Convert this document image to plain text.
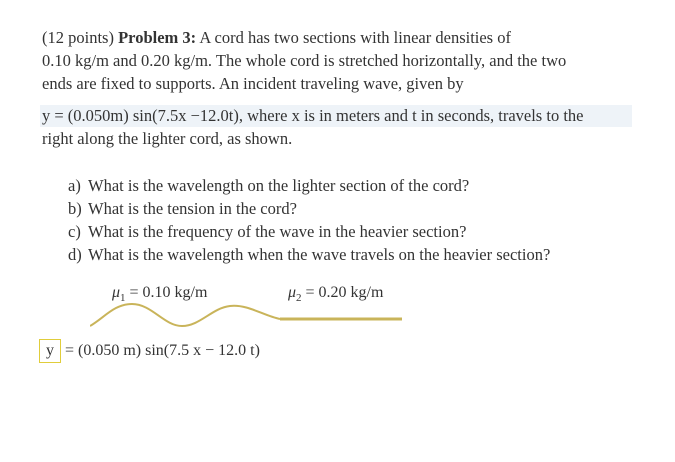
(12 points) Problem 3: A cord has two sections with linear densities of
0.10 kg/m and 0.20 kg/m. The whole cord is stretched horizontally, and the two
ends are fixed to supports. An incident traveling wave, given by
y = (0.050m) sin(7.5x −12.0t), where x is in meters and t in seconds, travels to the
right along the lighter cord, as shown.
a) What is the wavelength on the lighter section of the cord?
b) What is the tension in the cord?
c) What is the frequency of the wave in the heavier section?
d) What is the wavelength when the wave travels on the heavier section?
$\mu_1 = 0.10$ kg/m	$\mu_2 = 0.20$ kg/m
y = (0.050 m) sin(7.5 x − 12.0 t)
